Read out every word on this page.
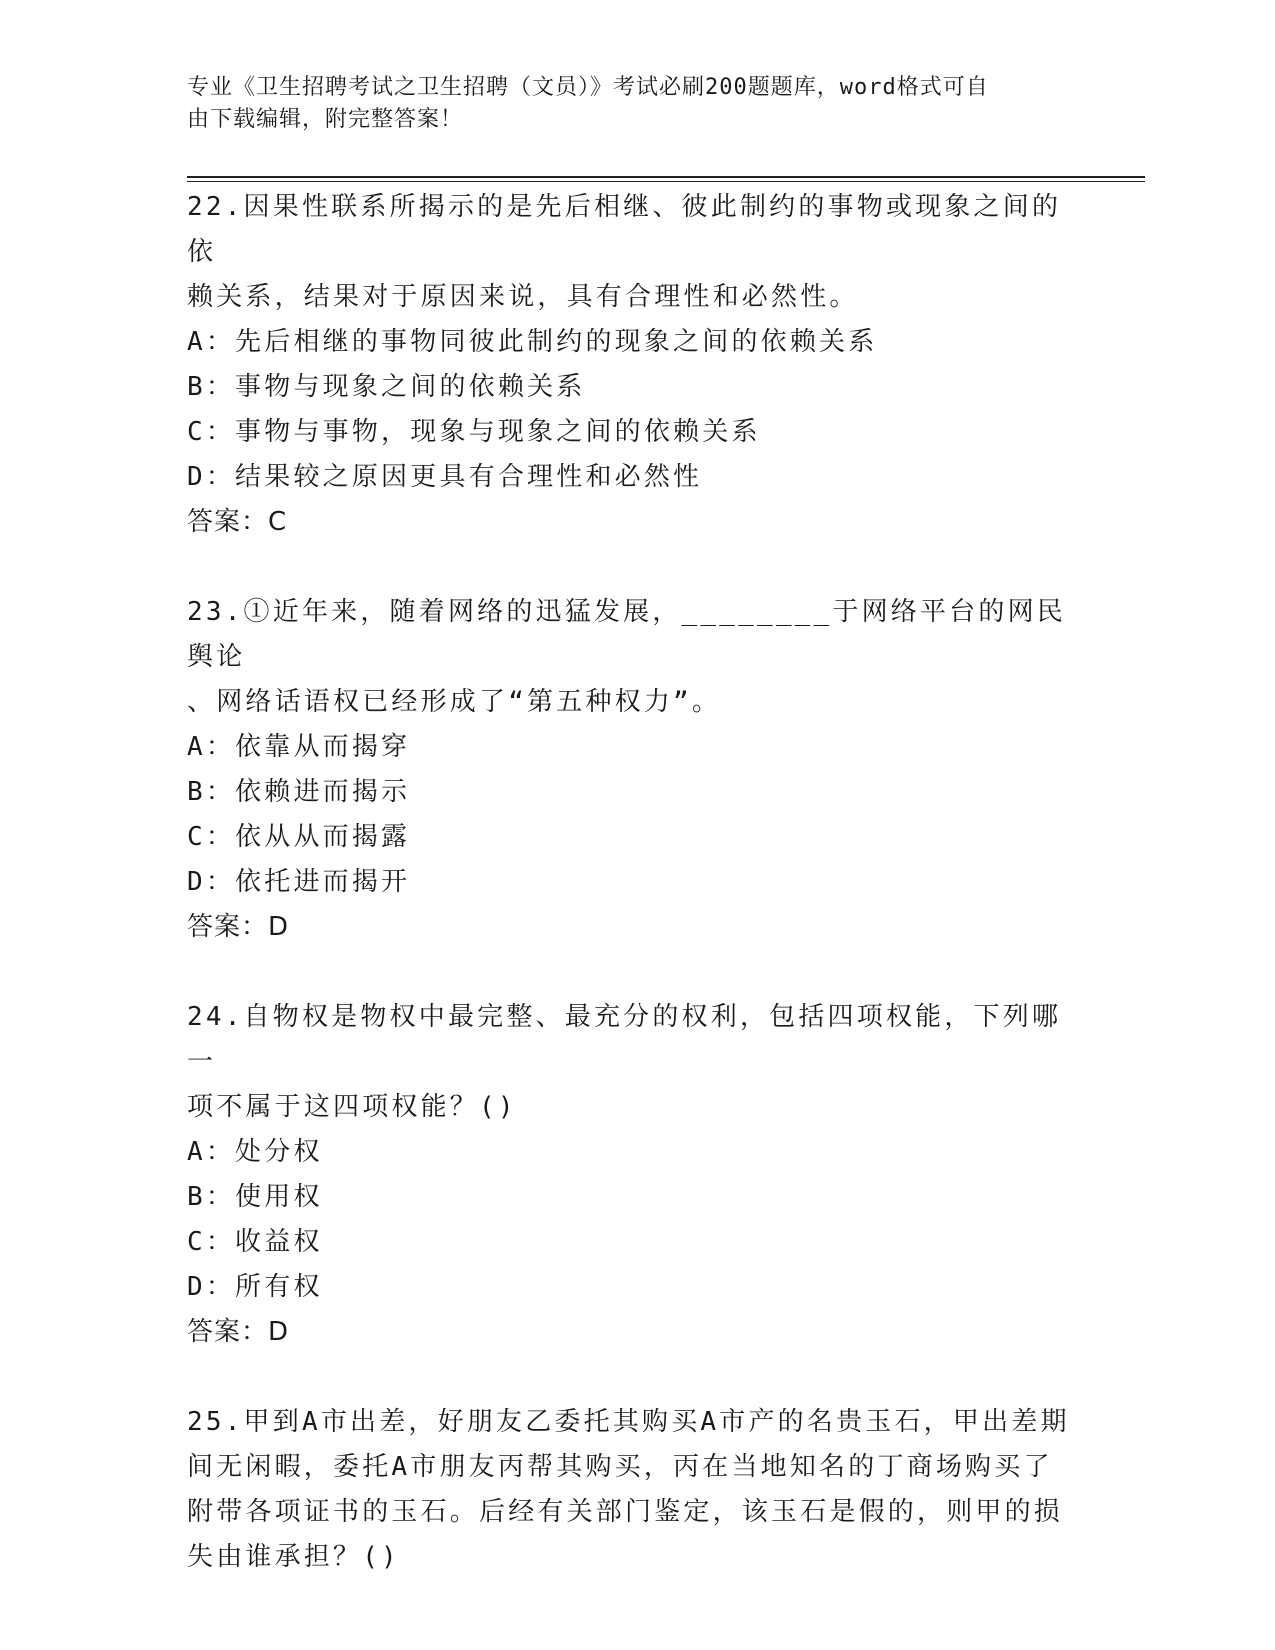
专业《卫生招聘考试之卫生招聘（文员）》考试必刷200题题库，word格式可自
由下载编辑，附完整答案！

22.因果性联系所揭示的是先后相继、彼此制约的事物或现象之间的依

赖关系，结果对于原因来说，具有合理性和必然性。

A：先后相继的事物同彼此制约的现象之间的依赖关系

B：事物与现象之间的依赖关系

C：事物与事物，现象与现象之间的依赖关系

D：结果较之原因更具有合理性和必然性

答案：C

23.①近年来，随着网络的迅猛发展，________于网络平台的网民舆论

、网络话语权已经形成了“第五种权力”。

A：依靠从而揭穿

B：依赖进而揭示

C：依从从而揭露

D：依托进而揭开

答案：D

24.自物权是物权中最完整、最充分的权利，包括四项权能，下列哪一

项不属于这四项权能？()

A：处分权

B：使用权

C：收益权

D：所有权

答案：D

25.甲到A市出差，好朋友乙委托其购买A市产的名贵玉石，甲出差期

间无闲暇，委托A市朋友丙帮其购买，丙在当地知名的丁商场购买了

附带各项证书的玉石。后经有关部门鉴定，该玉石是假的，则甲的损

失由谁承担？()
